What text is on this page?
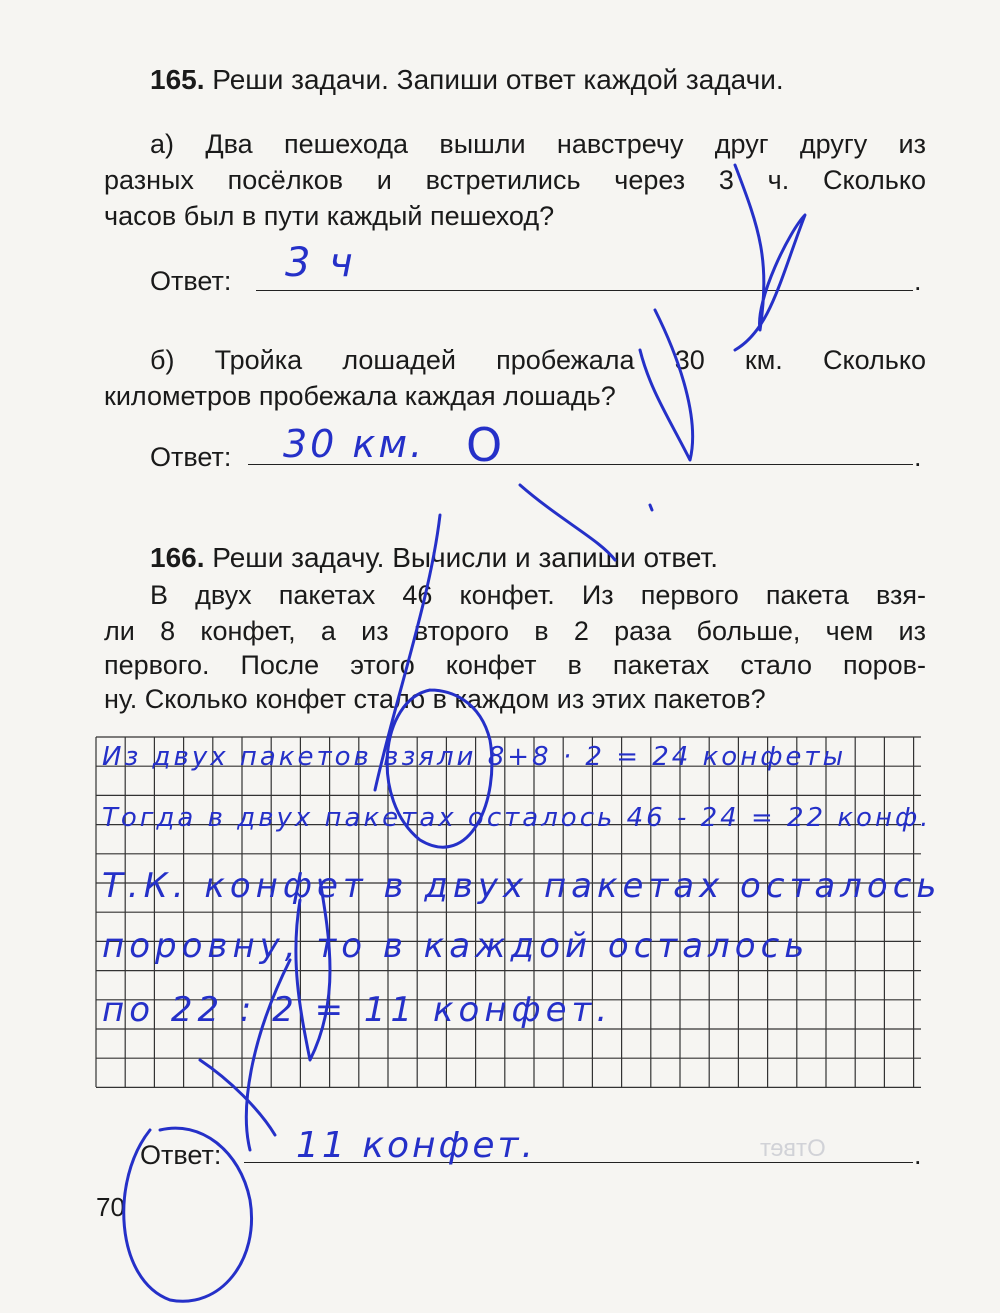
Ответ
165. Реши задачи. Запиши ответ каждой задачи.
а) Два пешехода вышли навстречу друг другу из
разных посёлков и встретились через 3 ч. Сколько
часов был в пути каждый пешеход?
Ответ:	.
3 ч
б) Тройка лошадей пробежала 30 км. Сколько
километров пробежала каждая лошадь?
Ответ:	.
30 км. O
166. Реши задачу. Вычисли и запиши ответ.
В двух пакетах 46 конфет. Из первого пакета взя-
ли 8 конфет, а из второго в 2 раза больше, чем из
первого. После этого конфет в пакетах стало поров-
ну. Сколько конфет стало в каждом из этих пакетов?
Из двух пакетов взяли 8+8 · 2 = 24 конфеты
Тогда в двух пакетах осталось 46 - 24 = 22 конф.
Т.К. конфет в двух пакетах осталось
поровну, то в каждой осталось
по 22 : 2 = 11 конфет.
Ответ:	.
11 конфет.
70
